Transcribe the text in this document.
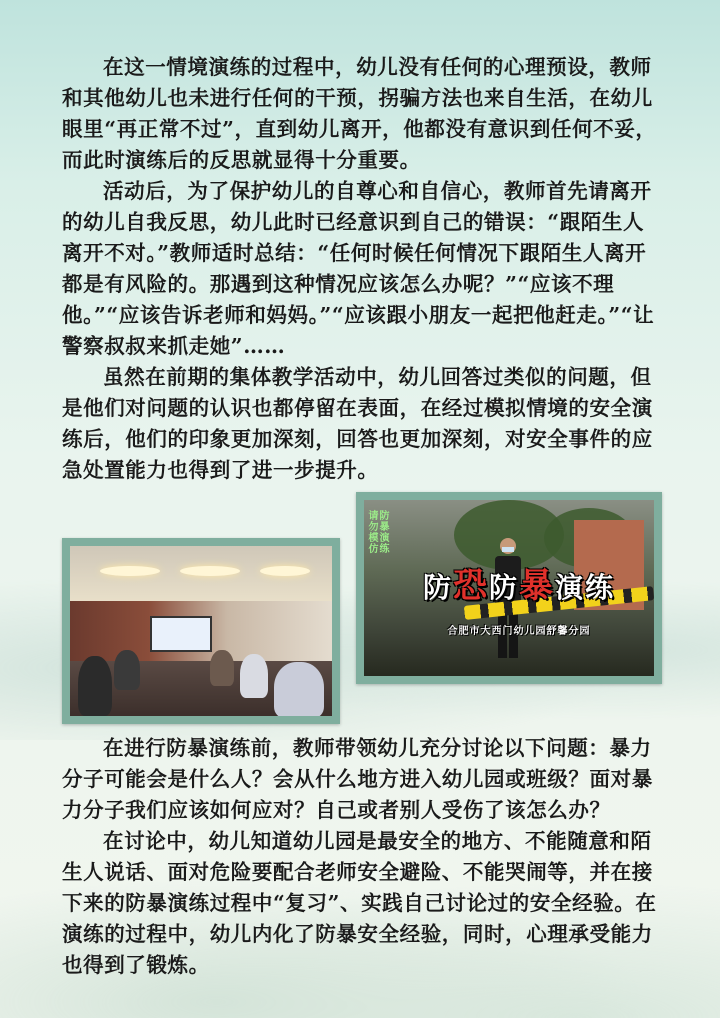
在这一情境演练的过程中，幼儿没有任何的心理预设，教师和其他幼儿也未进行任何的干预，拐骗方法也来自生活，在幼儿眼里“再正常不过”，直到幼儿离开，他都没有意识到任何不妥，而此时演练后的反思就显得十分重要。

活动后，为了保护幼儿的自尊心和自信心，教师首先请离开的幼儿自我反思，幼儿此时已经意识到自己的错误：“跟陌生人离开不对。”教师适时总结：“任何时候任何情况下跟陌生人离开都是有风险的。那遇到这种情况应该怎么办呢？”“应该不理他。”“应该告诉老师和妈妈。”“应该跟小朋友一起把他赶走。”“让警察叔叔来抓走她”……

虽然在前期的集体教学活动中，幼儿回答过类似的问题，但是他们对问题的认识也都停留在表面，在经过模拟情境的安全演练后，他们的印象更加深刻，回答也更加深刻，对安全事件的应急处置能力也得到了进一步提升。

防暴演练
请勿模仿
防恐防暴演练
合肥市大西门幼儿园舒馨分园

在进行防暴演练前，教师带领幼儿充分讨论以下问题：暴力分子可能会是什么人？会从什么地方进入幼儿园或班级？面对暴力分子我们应该如何应对？自己或者别人受伤了该怎么办？

在讨论中，幼儿知道幼儿园是最安全的地方、不能随意和陌生人说话、面对危险要配合老师安全避险、不能哭闹等，并在接下来的防暴演练过程中“复习”、实践自己讨论过的安全经验。在演练的过程中，幼儿内化了防暴安全经验，同时，心理承受能力也得到了锻炼。
